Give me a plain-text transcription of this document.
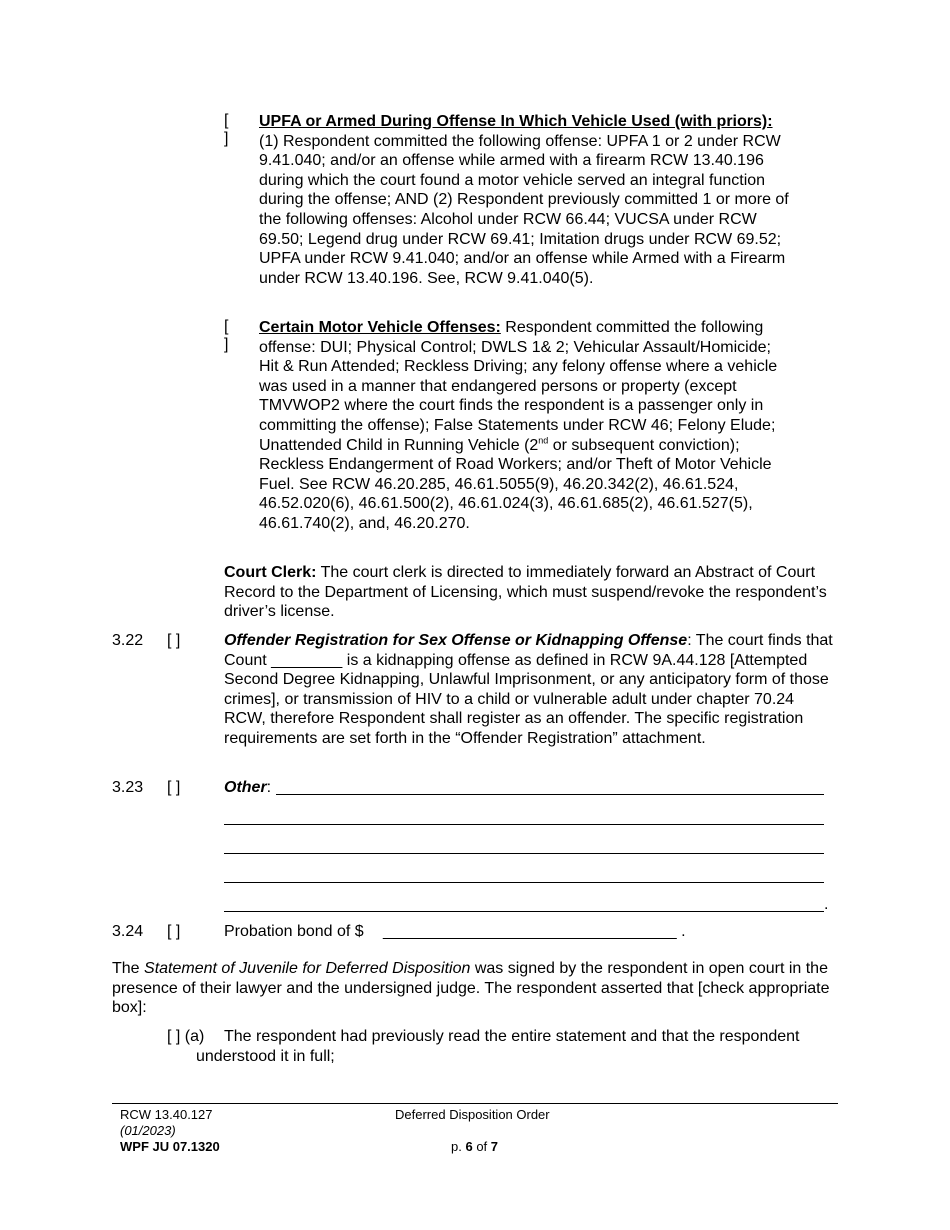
[ ]
UPFA or Armed During Offense In Which Vehicle Used (with priors): (1) Respondent committed the following offense: UPFA 1 or 2 under RCW 9.41.040; and/or an offense while armed with a firearm RCW 13.40.196 during which the court found a motor vehicle served an integral function during the offense; AND (2) Respondent previously committed 1 or more of the following offenses: Alcohol under RCW 66.44; VUCSA under RCW 69.50; Legend drug under RCW 69.41; Imitation drugs under RCW 69.52; UPFA under RCW 9.41.040; and/or an offense while Armed with a Firearm under RCW 13.40.196. See, RCW 9.41.040(5).
[ ]
Certain Motor Vehicle Offenses: Respondent committed the following offense: DUI; Physical Control; DWLS 1& 2; Vehicular Assault/Homicide; Hit & Run Attended; Reckless Driving; any felony offense where a vehicle was used in a manner that endangered persons or property (except TMVWOP2 where the court finds the respondent is a passenger only in committing the offense); False Statements under RCW 46; Felony Elude; Unattended Child in Running Vehicle (2nd or subsequent conviction); Reckless Endangerment of Road Workers; and/or Theft of Motor Vehicle Fuel. See RCW 46.20.285, 46.61.5055(9), 46.20.342(2), 46.61.524, 46.52.020(6), 46.61.500(2), 46.61.024(3), 46.61.685(2), 46.61.527(5), 46.61.740(2), and, 46.20.270.
Court Clerk: The court clerk is directed to immediately forward an Abstract of Court Record to the Department of Licensing, which must suspend/revoke the respondent’s driver’s license.
3.22 [ ]	Offender Registration for Sex Offense or Kidnapping Offense: The court finds that Count ________ is a kidnapping offense as defined in RCW 9A.44.128 [Attempted Second Degree Kidnapping, Unlawful Imprisonment, or any anticipatory form of those crimes], or transmission of HIV to a child or vulnerable adult under chapter 70.24 RCW, therefore Respondent shall register as an offender. The specific registration requirements are set forth in the “Offender Registration” attachment.
3.23 [ ]	Other:
.
3.24 [ ]	Probation bond of $ _________________________________ .
The Statement of Juvenile for Deferred Disposition was signed by the respondent in open court in the presence of their lawyer and the undersigned judge. The respondent asserted that [check appropriate box]:
[ ] (a) The respondent had previously read the entire statement and that the respondent
understood it in full;
RCW 13.40.127
(01/2023)
WPF JU 07.1320
Deferred Disposition Order
p. 6 of 7
